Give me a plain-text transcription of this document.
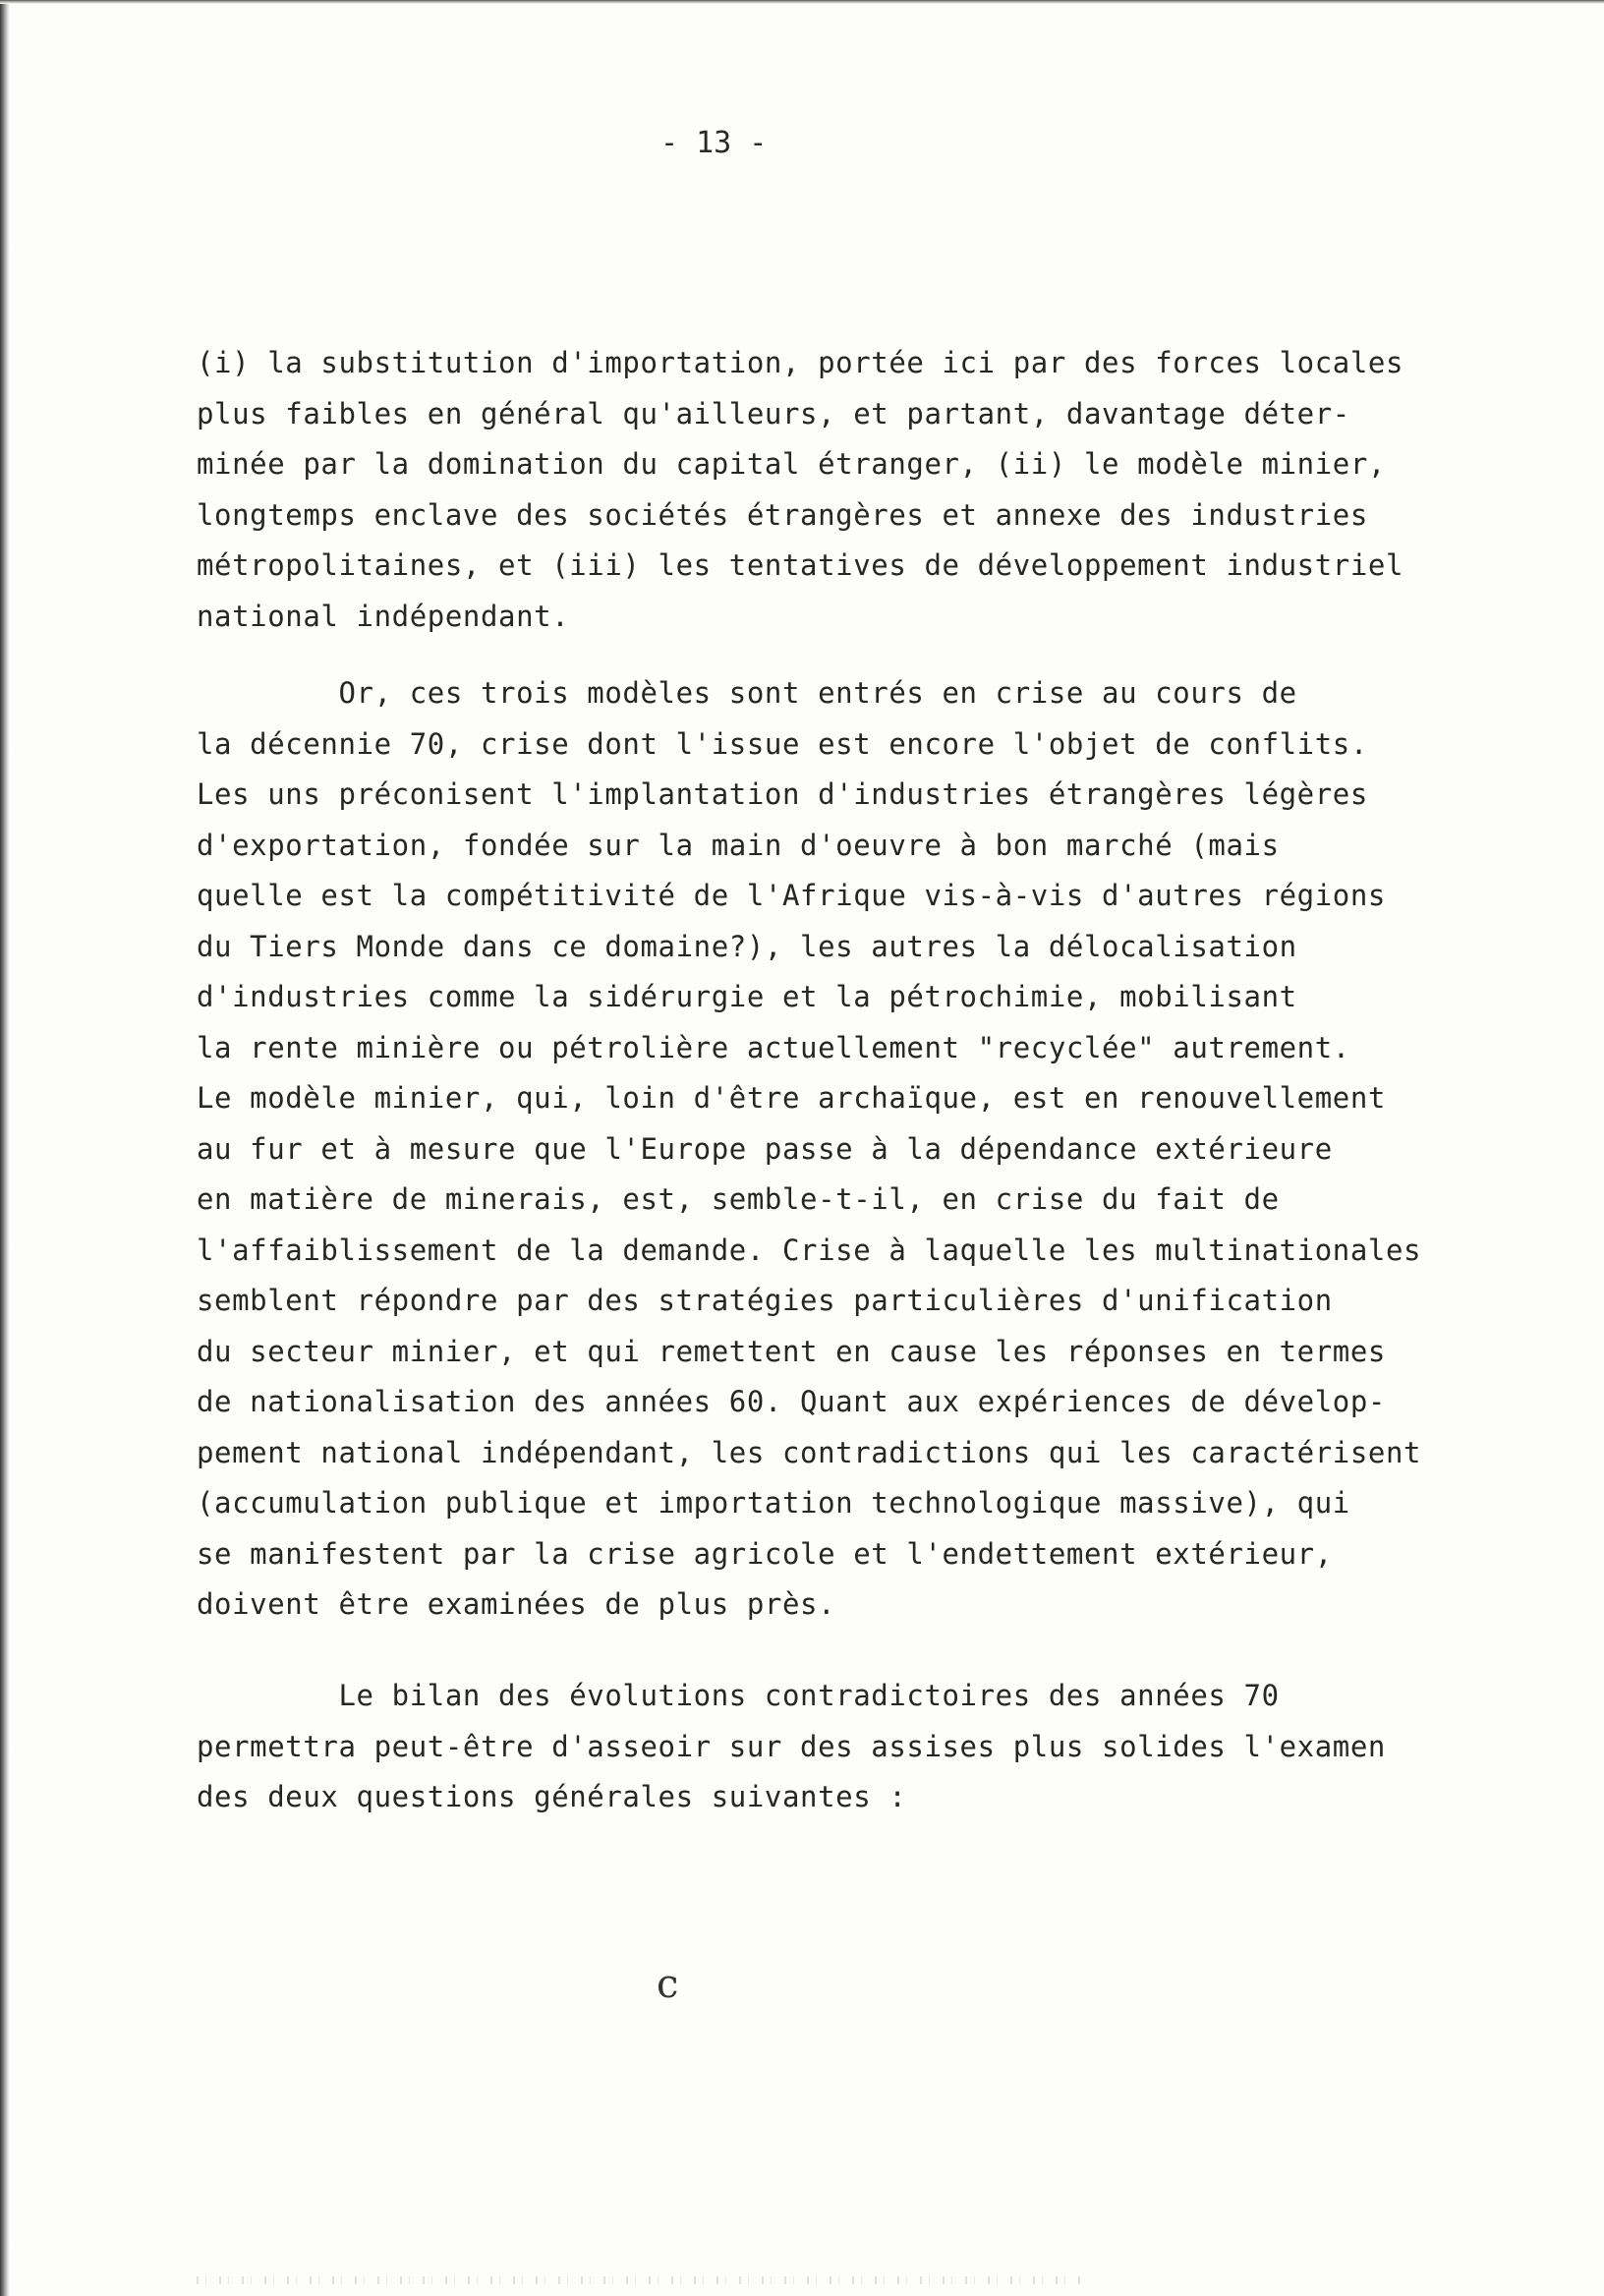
- 13 -
(i) la substitution d'importation, portée ici par des forces locales
plus faibles en général qu'ailleurs, et partant, davantage déter-
minée par la domination du capital étranger, (ii) le modèle minier,
longtemps enclave des sociétés étrangères et annexe des industries
métropolitaines, et (iii) les tentatives de développement industriel
national indépendant.
Or, ces trois modèles sont entrés en crise au cours de
la décennie 70, crise dont l'issue est encore l'objet de conflits.
Les uns préconisent l'implantation d'industries étrangères légères
d'exportation, fondée sur la main d'oeuvre à bon marché (mais
quelle est la compétitivité de l'Afrique vis-à-vis d'autres régions
du Tiers Monde dans ce domaine?), les autres la délocalisation
d'industries comme la sidérurgie et la pétrochimie, mobilisant
la rente minière ou pétrolière actuellement "recyclée" autrement.
Le modèle minier, qui, loin d'être archaïque, est en renouvellement
au fur et à mesure que l'Europe passe à la dépendance extérieure
en matière de minerais, est, semble-t-il, en crise du fait de
l'affaiblissement de la demande. Crise à laquelle les multinationales
semblent répondre par des stratégies particulières d'unification
du secteur minier, et qui remettent en cause les réponses en termes
de nationalisation des années 60. Quant aux expériences de dévelop-
pement national indépendant, les contradictions qui les caractérisent
(accumulation publique et importation technologique massive), qui
se manifestent par la crise agricole et l'endettement extérieur,
doivent être examinées de plus près.
Le bilan des évolutions contradictoires des années 70
permettra peut-être d'asseoir sur des assises plus solides l'examen
des deux questions générales suivantes :
c
